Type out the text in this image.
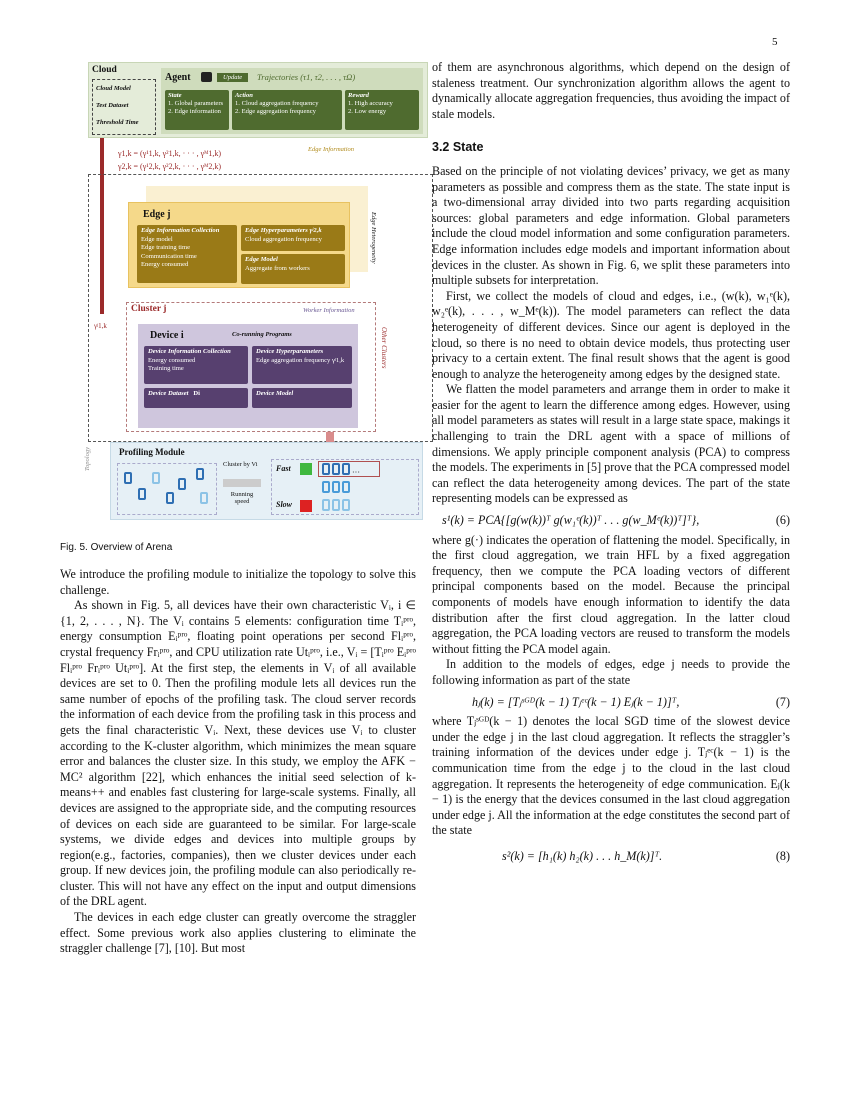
5
Cloud
Cloud Model
Test Dataset
Threshold Time
Agent	Update	Trajectories (τ1, τ2, . . . , τΩ)
State
1. Global parameters
2. Edge information
Action
1. Cloud aggregation frequency
2. Edge aggregation frequency
Reward
1. High accuracy
2. Low energy
γ1,k = (γ¹1,k, γ²1,k, · · · , γᴹ1,k)
γ2,k = (γ¹2,k, γ²2,k, · · · , γᴹ2,k)
Edge Information
Edge j
Edge Information Collection
Edge model
Edge training time
Communication time
Energy consumed
Edge Hyperparameters γʲ2,k
Cloud aggregation frequency
Edge Model
Aggregate from workers
Edge Heterogeneity
Cluster j	Worker Information
γʲ1,k
Other Clusters
Device i	Co-running Programs
Device Information Collection
Energy consumed
Training time
Device Hyperparameters
Edge aggregation frequency γʲ1,k
Device Dataset Di	Device Model
Topology	Profiling Module
Cluster by Vi
Running speed
Fast
Slow
···

Fig. 5. Overview of Arena

We introduce the profiling module to initialize the topology to solve this challenge.

As shown in Fig. 5, all devices have their own characteristic Vᵢ, i ∈ {1, 2, . . . , N}. The Vᵢ contains 5 elements: configuration time Tᵢᵖʳᵒ, energy consumption Eᵢᵖʳᵒ, floating point operations per second Flᵢᵖʳᵒ, crystal frequency Frᵢᵖʳᵒ, and CPU utilization rate Utᵢᵖʳᵒ, i.e., Vᵢ = [Tᵢᵖʳᵒ Eᵢᵖʳᵒ Flᵢᵖʳᵒ Frᵢᵖʳᵒ Utᵢᵖʳᵒ]. At the first step, the elements in Vᵢ of all available devices are set to 0. Then the profiling module lets all devices run the same number of epochs of the profiling task. The cloud server records the information of each device from the profiling task in this process and gets the final characteristic Vᵢ. Next, these devices use Vᵢ to cluster according to the K-cluster algorithm, which minimizes the mean square error and balances the cluster size. In this study, we employ the AFK − MC² algorithm [22], which enhances the initial seed selection of k-means++ and enables fast clustering for large-scale systems. Finally, all devices are assigned to the appropriate side, and the computing resources of devices on each side are guaranteed to be similar. For large-scale systems, we divide edges and devices into multiple groups by region(e.g., factories, companies), then we cluster devices under each group. If new devices join, the profiling module can also periodically re-cluster. This will not have any effect on the input and output dimensions of the DRL agent.

The devices in each edge cluster can greatly overcome the straggler effect. Some previous work also applies clustering to eliminate the straggler challenge [7], [10]. But most

of them are asynchronous algorithms, which depend on the design of staleness treatment. Our synchronization algorithm allows the agent to dynamically allocate aggregation frequencies, thus avoiding the impact of stale models.

3.2 State

Based on the principle of not violating devices’ privacy, we get as many parameters as possible and compress them as the state. The state input is a two-dimensional array divided into two parts regarding acquisition sources: global parameters and edge information. Global parameters include the cloud model information and some configuration parameters. Edge information includes edge models and important information about devices in the cluster. As shown in Fig. 6, we split these parameters into multiple subsets for interpretation.

First, we collect the models of cloud and edges, i.e., (w(k), w₁ᵉ(k), w₂ᵉ(k), . . . , w_Mᵉ(k)). The model parameters can reflect the data heterogeneity of different devices. Since our agent is deployed in the cloud, so there is no need to obtain device models, thus protecting user privacy to a certain extent. The final result shows that the agent is good enough to analyze the heterogeneity among edges by the designed state.

We flatten the model parameters and arrange them in order to make it easier for the agent to learn the difference among edges. However, using all model parameters as states will result in a large state space, makings it challenging to train the DRL agent with a space of millions of dimensions. We apply principle component analysis (PCA) to compress the models. The experiments in [5] prove that the PCA compressed model can reflect the data heterogeneity among devices. The part of the state representing models can be expressed as

s¹(k) = PCA{[g(w(k))ᵀ g(w₁ᵉ(k))ᵀ . . . g(w_Mᵉ(k))ᵀ]ᵀ},	(6)

where g(·) indicates the operation of flattening the model. Specifically, in the first cloud aggregation, we train HFL by a fixed aggregation frequency, then we compute the PCA loading vectors of different principal components based on the model. Because the principal components of models have enough information to identify the data distribution after the first cloud aggregation. In the latter cloud aggregation, the PCA loading vectors are reused to transform the models without fitting the PCA model again.

In addition to the models of edges, edge j needs to provide the following information as part of the state

hⱼ(k) = [Tⱼˢᴳᴰ(k − 1) Tⱼᵉᶜ(k − 1) Eⱼ(k − 1)]ᵀ,	(7)

where Tⱼˢᴳᴰ(k − 1) denotes the local SGD time of the slowest device under the edge j in the last cloud aggregation. It reflects the straggler’s training information of the devices under edge j. Tⱼᵉᶜ(k − 1) is the communication time from the edge j to the cloud in the last cloud aggregation. It represents the heterogeneity of edge communication. Eⱼ(k − 1) is the energy that the devices consumed in the last cloud aggregation under edge j. All the information at the edge constitutes the second part of the state

s²(k) = [h₁(k) h₂(k) . . . h_M(k)]ᵀ.	(8)
